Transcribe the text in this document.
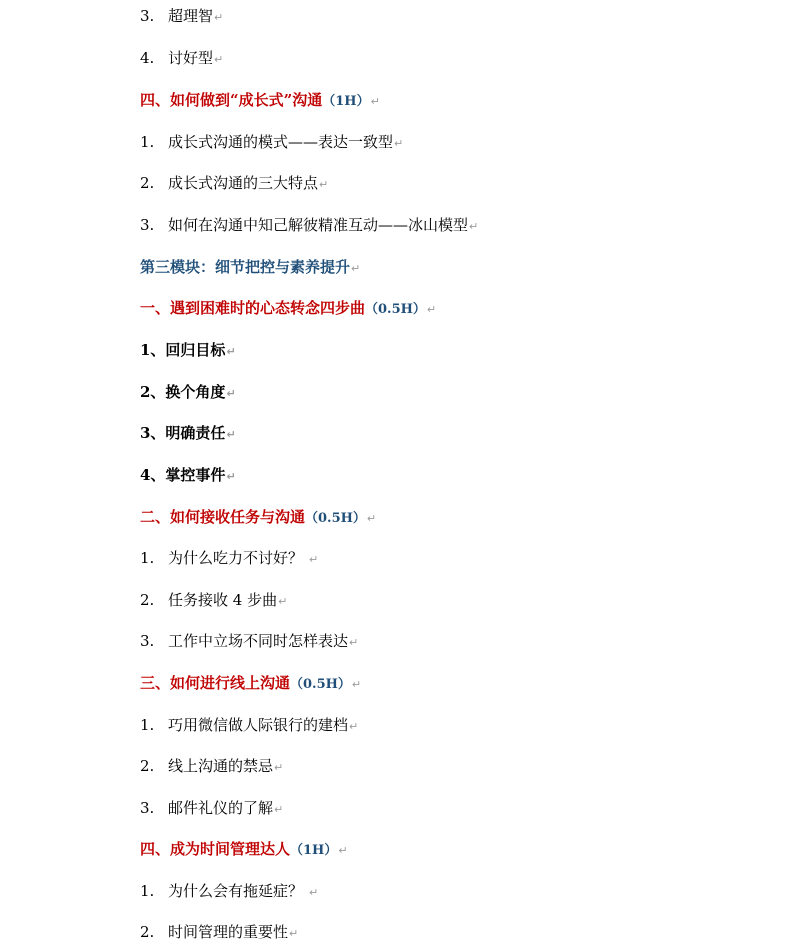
3. 超理智↵
4. 讨好型↵
四、如何做到“成长式”沟通（1H）↵
1. 成长式沟通的模式——表达一致型↵
2. 成长式沟通的三大特点↵
3. 如何在沟通中知己解彼精准互动——冰山模型↵
第三模块：细节把控与素养提升↵
一、遇到困难时的心态转念四步曲（0.5H）↵
1、回归目标↵
2、换个角度↵
3、明确责任↵
4、掌控事件↵
二、如何接收任务与沟通（0.5H）↵
1. 为什么吃力不讨好？ ↵
2. 任务接收 4 步曲↵
3. 工作中立场不同时怎样表达↵
三、如何进行线上沟通（0.5H）↵
1. 巧用微信做人际银行的建档↵
2. 线上沟通的禁忌↵
3. 邮件礼仪的了解↵
四、成为时间管理达人（1H）↵
1. 为什么会有拖延症？ ↵
2. 时间管理的重要性↵
